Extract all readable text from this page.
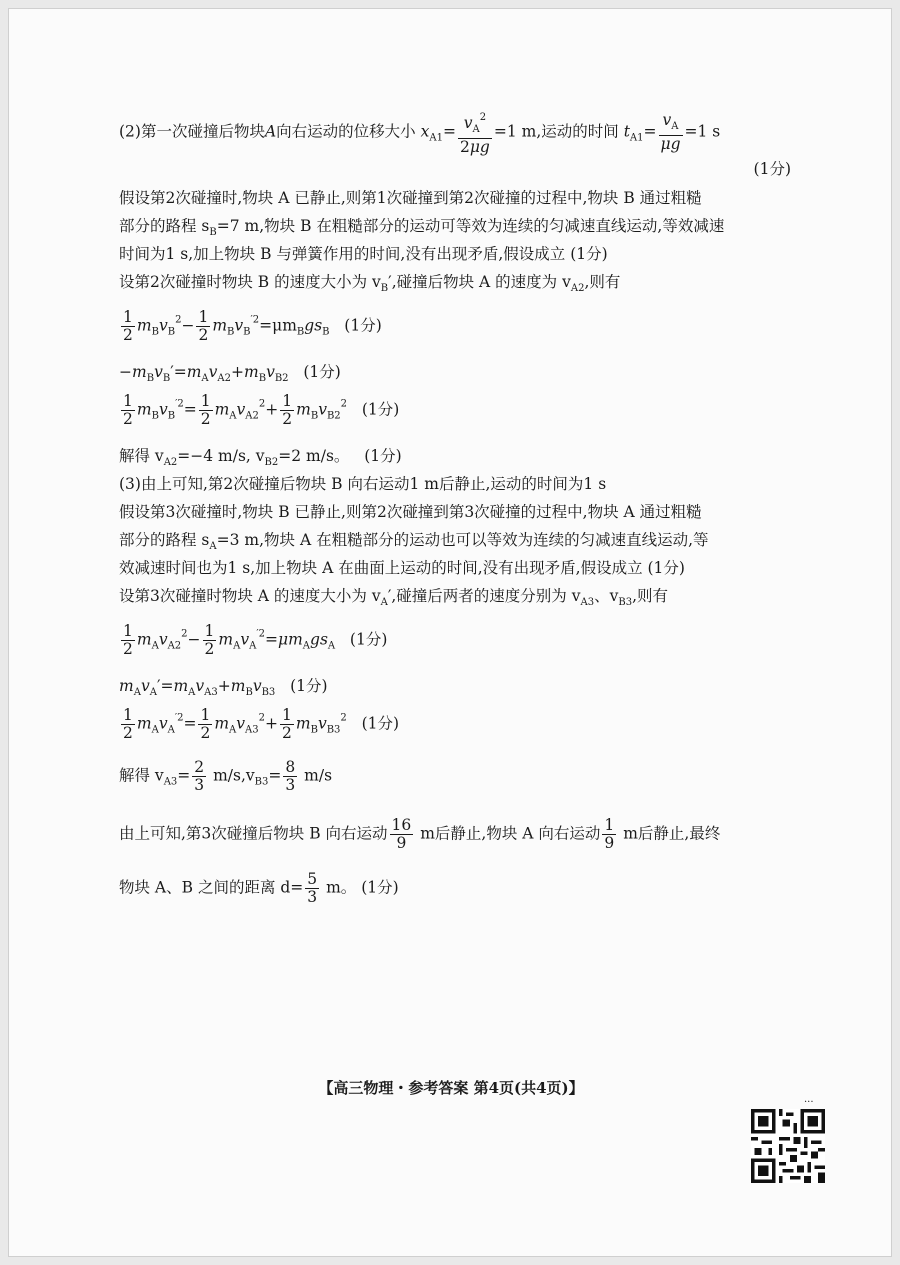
(2)第一次碰撞后物块A向右运动的位移大小 $x_{A1}= \frac{v_A^2}{2\mu g} =1$ m,运动的时间 $t_{A1}= \frac{v_A}{\mu g} =1$ s
(1分)
假设第2次碰撞时,物块 A 已静止,则第1次碰撞到第2次碰撞的过程中,物块 B 通过粗糙
部分的路程 $s_B=7$ m,物块 B 在粗糙部分的运动可等效为连续的匀减速直线运动,等效减速
时间为1 s,加上物块 B 与弹簧作用的时间,没有出现矛盾,假设成立 (1分)
设第2次碰撞时物块 B 的速度大小为 $v_B'$,碰撞后物块 A 的速度为 $v_{A2}$,则有
$\frac{1}{2} m_Bv_B^2- \frac{1}{2} m_Bv_B^{'2}=\mu m_Bgs_B$ (1分)
$-m_Bv_B'=m_Av_{A2}+m_Bv_{B2}$ (1分)
$\frac{1}{2} m_Bv_B^{'2}= \frac{1}{2} m_Av_{A2}^2+ \frac{1}{2} m_Bv_{B2}^2$ (1分)
解得 $v_{A2}=-4$ m/s, $v_{B2}=2$ m/s。 (1分)
(3)由上可知,第2次碰撞后物块 B 向右运动1 m后静止,运动的时间为1 s
假设第3次碰撞时,物块 B 已静止,则第2次碰撞到第3次碰撞的过程中,物块 A 通过粗糙
部分的路程 $s_A=3$ m,物块 A 在粗糙部分的运动也可以等效为连续的匀减速直线运动,等
效减速时间也为1 s,加上物块 A 在曲面上运动的时间,没有出现矛盾,假设成立 (1分)
设第3次碰撞时物块 A 的速度大小为 $v_A'$,碰撞后两者的速度分别为 $v_{A3}$、$v_{B3}$,则有
$\frac{1}{2} m_Av_{A2}^2- \frac{1}{2} m_Av_A^{'2}=\mu m_Ags_A$ (1分)
$m_Av_A'=m_Av_{A3}+m_Bv_{B3}$ (1分)
$\frac{1}{2} m_Av_A^{'2}= \frac{1}{2} m_Av_{A3}^2+ \frac{1}{2} m_Bv_{B3}^2$ (1分)
解得 $v_{A3}= \frac{2}{3} m/s,v_{B3}= \frac{8}{3} m/s$
由上可知,第3次碰撞后物块 B 向右运动 $\frac{16}{9}$ m后静止,物块 A 向右运动 $\frac{1}{9}$ m后静止,最终
物块 A、B 之间的距离 $d= \frac{5}{3}$ m。 (1分)
...
【高三物理・参考答案 第4页(共4页)】
